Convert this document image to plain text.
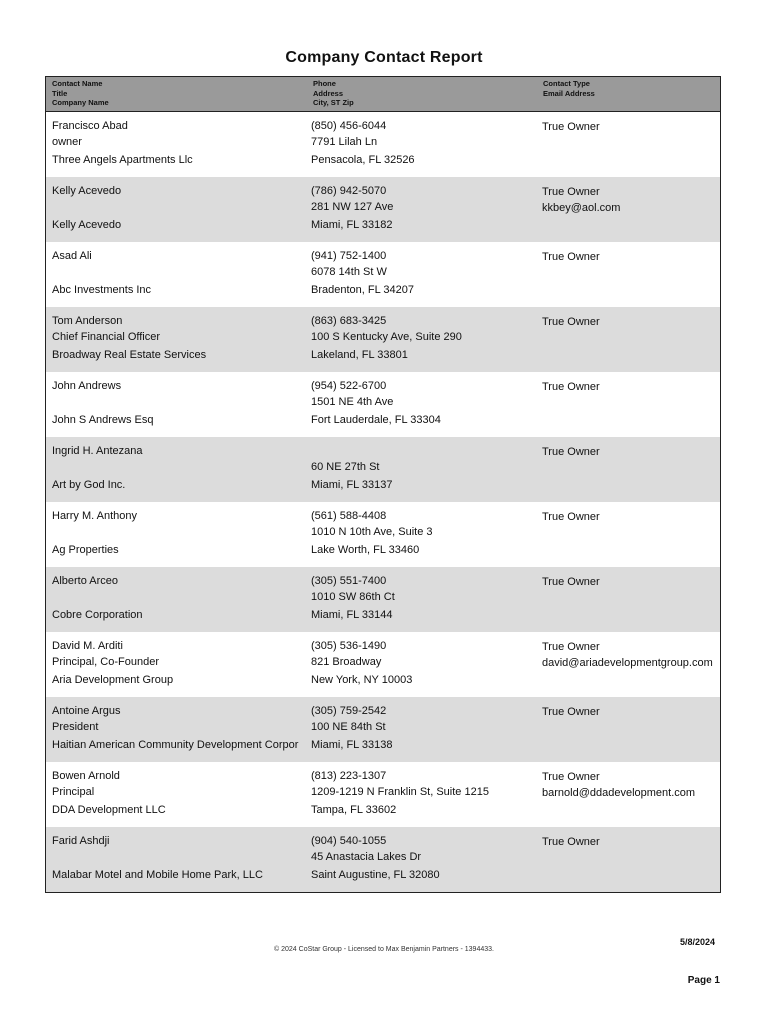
Company Contact Report
Contact Name
Title
Company Name
Phone
Address
City, ST Zip
Contact Type
Email Address
Francisco Abad
owner
Three Angels Apartments Llc
(850) 456-6044
7791 Lilah Ln
Pensacola, FL 32526
True Owner
Kelly Acevedo
Kelly Acevedo
(786) 942-5070
281 NW 127 Ave
Miami, FL 33182
True Owner
kkbey@aol.com
Asad Ali
Abc Investments Inc
(941) 752-1400
6078 14th St W
Bradenton, FL 34207
True Owner
Tom Anderson
Chief Financial Officer
Broadway Real Estate Services
(863) 683-3425
100 S Kentucky Ave, Suite 290
Lakeland, FL 33801
True Owner
John Andrews
John S Andrews Esq
(954) 522-6700
1501 NE 4th Ave
Fort Lauderdale, FL 33304
True Owner
Ingrid H. Antezana
Art by God Inc.
60 NE 27th St
Miami, FL 33137
True Owner
Harry M. Anthony
Ag Properties
(561) 588-4408
1010 N 10th Ave, Suite 3
Lake Worth, FL 33460
True Owner
Alberto Arceo
Cobre Corporation
(305) 551-7400
1010 SW 86th Ct
Miami, FL 33144
True Owner
David M. Arditi
Principal, Co-Founder
Aria Development Group
(305) 536-1490
821 Broadway
New York, NY 10003
True Owner
david@ariadevelopmentgroup.com
Antoine Argus
President
Haitian American Community Development Corpor
(305) 759-2542
100 NE 84th St
Miami, FL 33138
True Owner
Bowen Arnold
Principal
DDA Development LLC
(813) 223-1307
1209-1219 N Franklin St, Suite 1215
Tampa, FL 33602
True Owner
barnold@ddadevelopment.com
Farid Ashdji
Malabar Motel and Mobile Home Park, LLC
(904) 540-1055
45 Anastacia Lakes Dr
Saint Augustine, FL 32080
True Owner
© 2024 CoStar Group - Licensed to Max Benjamin Partners - 1394433.
5/8/2024
Page 1
